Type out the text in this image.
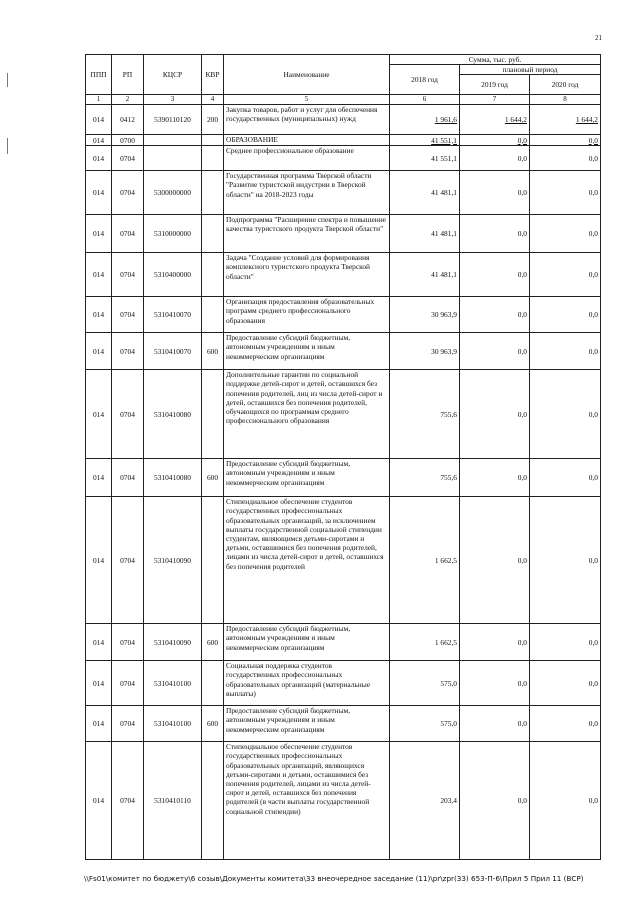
21
ППП	РП	КЦСР	КВР	Наименование	Сумма, тыс. руб.		
					2018 год	плановый период	
						2019 год	2020 год
1	2	3	4	5	6	7	8
014	0412	5390110120	200	Закупка товаров, работ и услуг для обеспечения государственных (муниципальных) нужд	1 961,6	1 644,2	1 644,2
014	0700			ОБРАЗОВАНИЕ	41 551,1	0,0	0,0
014	0704			Среднее профессиональное образование	41 551,1	0,0	0,0
014	0704	5300000000		Государственная программа Тверской области "Развитие туристской индустрии в Тверской области" на 2018-2023 годы	41 481,1	0,0	0,0
014	0704	5310000000		Подпрограмма "Расширение спектра и повышение качества туристского продукта Тверской области"	41 481,1	0,0	0,0
014	0704	5310400000		Задача "Создание условий для формирования комплексного туристского продукта Тверской области"	41 481,1	0,0	0,0
014	0704	5310410070		Организация предоставления образовательных программ среднего профессионального образования	30 963,9	0,0	0,0
014	0704	5310410070	600	Предоставление субсидий бюджетным, автономным учреждениям и иным некоммерческим организациям	30 963,9	0,0	0,0
014	0704	5310410080		Дополнительные гарантии по социальной поддержке детей-сирот и детей, оставшихся без попечения родителей, лиц из числа детей-сирот и детей, оставшихся без попечения родителей, обучающихся по программам среднего профессионального образования	755,6	0,0	0,0
014	0704	5310410080	600	Предоставление субсидий бюджетным, автономным учреждениям и иным некоммерческим организациям	755,6	0,0	0,0
014	0704	5310410090		Стипендиальное обеспечение студентов государственных профессиональных образовательных организаций, за исключением выплаты государственной социальной стипендии студентам, являющимся детьми-сиротами и детьми, оставшимися без попечения родителей, лицами из числа детей-сирот и детей, оставшихся без попечения родителей	1 662,5	0,0	0,0
014	0704	5310410090	600	Предоставление субсидий бюджетным, автономным учреждениям и иным некоммерческим организациям	1 662,5	0,0	0,0
014	0704	5310410100		Социальная поддержка студентов государственных профессиональных образовательных организаций (материальные выплаты)	575,0	0,0	0,0
014	0704	5310410100	600	Предоставление субсидий бюджетным, автономным учреждениям и иным некоммерческим организациям	575,0	0,0	0,0
014	0704	5310410110		Стипендиальное обеспечение студентов государственных профессиональных образовательных организаций, являющихся детьми-сиротами и детьми, оставшимися без попечения родителей, лицами из числа детей-сирот и детей, оставшихся без попечения родителей (в части выплаты государственной социальной стипендии)	203,4	0,0	0,0
\\Fs01\комитет по бюджету\6 созыв\Документы комитета\33 внеочередное заседание (11)\pr\zpr(33) 653-П-6\Прил 5 Прил 11 (ВСР)
